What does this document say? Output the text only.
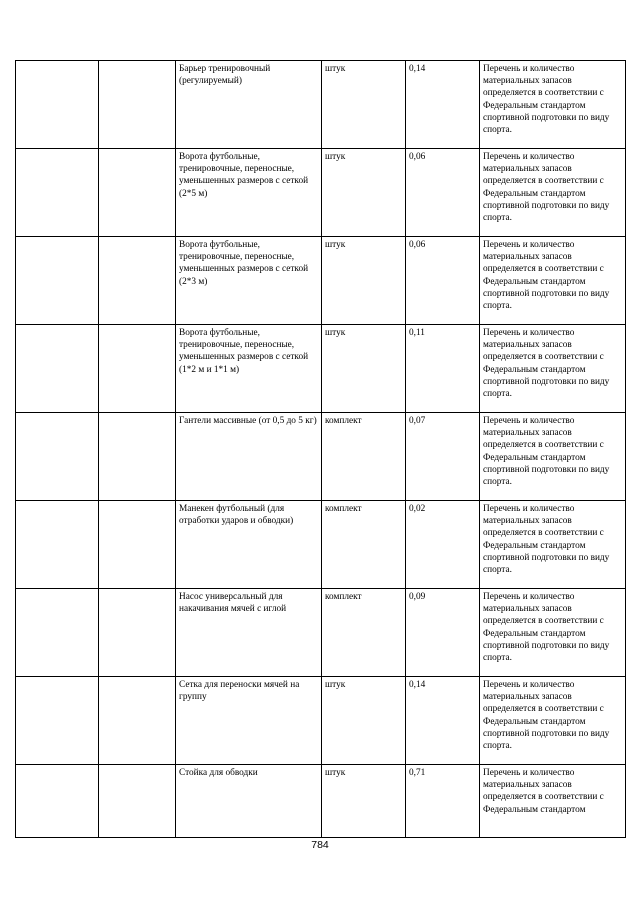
		Барьер тренировочный (регулируемый)	штук	0,14	Перечень и количество материальных запасов определяется в соответствии с Федеральным стандартом спортивной подготовки по виду спорта.
		Ворота футбольные, тренировочные, переносные, уменьшенных размеров с сеткой (2*5 м)	штук	0,06	Перечень и количество материальных запасов определяется в соответствии с Федеральным стандартом спортивной подготовки по виду спорта.
		Ворота футбольные, тренировочные, переносные, уменьшенных размеров с сеткой (2*3 м)	штук	0,06	Перечень и количество материальных запасов определяется в соответствии с Федеральным стандартом спортивной подготовки по виду спорта.
		Ворота футбольные, тренировочные, переносные, уменьшенных размеров с сеткой (1*2 м и 1*1 м)	штук	0,11	Перечень и количество материальных запасов определяется в соответствии с Федеральным стандартом спортивной подготовки по виду спорта.
		Гантели массивные (от 0,5 до 5 кг)	комплект	0,07	Перечень и количество материальных запасов определяется в соответствии с Федеральным стандартом спортивной подготовки по виду спорта.
		Манекен футбольный (для отработки ударов и обводки)	комплект	0,02	Перечень и количество материальных запасов определяется в соответствии с Федеральным стандартом спортивной подготовки по виду спорта.
		Насос универсальный для накачивания мячей с иглой	комплект	0,09	Перечень и количество материальных запасов определяется в соответствии с Федеральным стандартом спортивной подготовки по виду спорта.
		Сетка для переноски мячей на группу	штук	0,14	Перечень и количество материальных запасов определяется в соответствии с Федеральным стандартом спортивной подготовки по виду спорта.
		Стойка для обводки	штук	0,71	Перечень и количество материальных запасов определяется в соответствии с Федеральным стандартом
784
